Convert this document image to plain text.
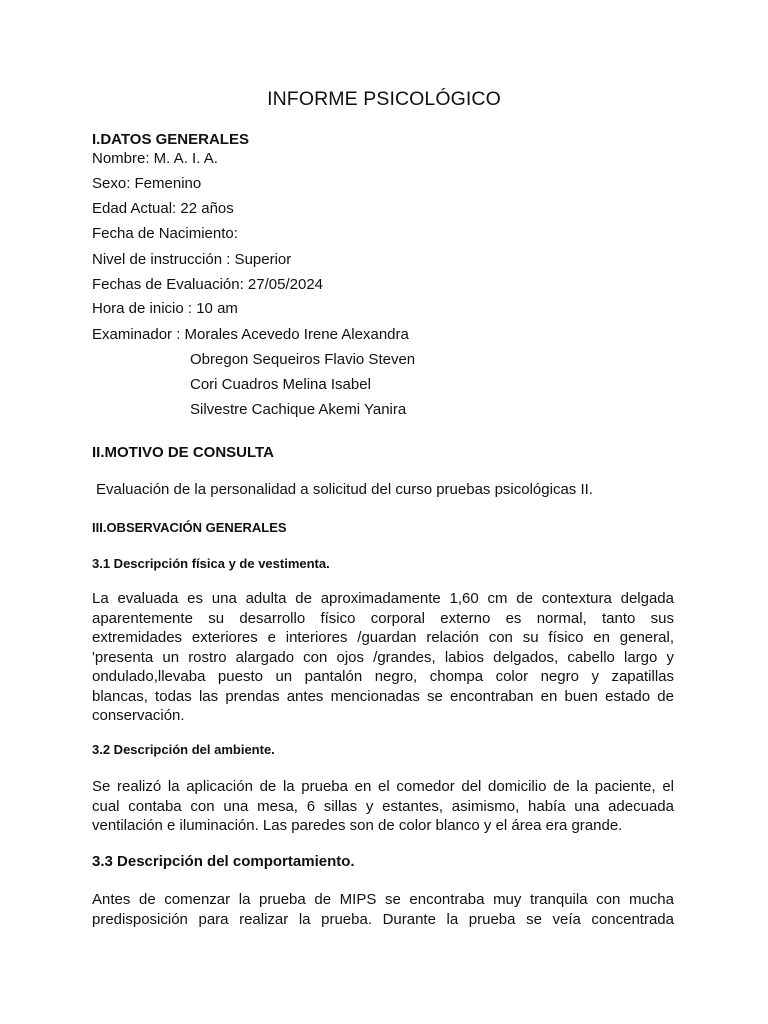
INFORME PSICOLÓGICO
I.DATOS GENERALES
Nombre: M. A. I. A.
Sexo: Femenino
Edad Actual: 22 años
Fecha de Nacimiento:
Nivel de instrucción : Superior
Fechas de Evaluación: 27/05/2024
Hora de inicio : 10 am
Examinador : Morales Acevedo Irene Alexandra
Obregon Sequeiros Flavio Steven
Cori Cuadros Melina Isabel
Silvestre Cachique Akemi Yanira
II.MOTIVO DE CONSULTA
Evaluación de la personalidad a solicitud del curso pruebas psicológicas II.
III.OBSERVACIÓN GENERALES
3.1 Descripción física y de vestimenta.
La evaluada es una adulta de aproximadamente 1,60 cm de contextura delgada
aparentemente su desarrollo físico corporal externo es normal, tanto sus
extremidades exteriores e interiores /guardan relación con su físico en general,
'presenta un rostro alargado con ojos /grandes, labios delgados, cabello largo y
ondulado,llevaba puesto un pantalón negro, chompa color negro y zapatillas
blancas, todas las prendas antes mencionadas se encontraban en buen estado de
conservación.
3.2 Descripción del ambiente.
Se realizó la aplicación de la prueba en el comedor del domicilio de la paciente, el
cual contaba con una mesa, 6 sillas y estantes, asimismo, había una adecuada
ventilación e iluminación. Las paredes son de color blanco y el área era grande.
3.3 Descripción del comportamiento.
Antes de comenzar la prueba de MIPS se encontraba muy tranquila con mucha
predisposición para realizar la prueba. Durante la prueba se veía concentrada
